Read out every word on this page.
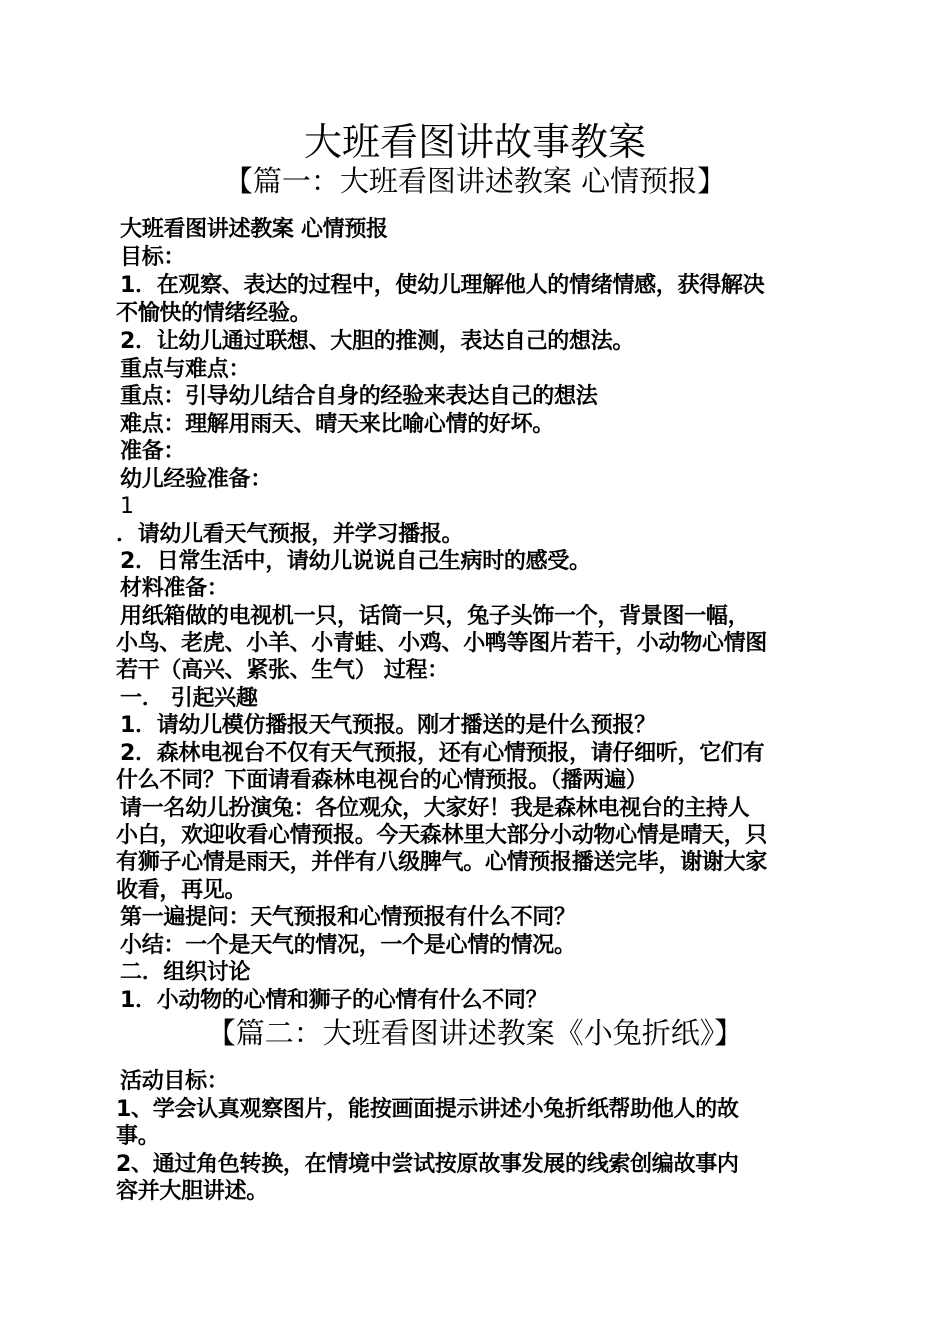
大班看图讲故事教案
【篇一：大班看图讲述教案 心情预报】
大班看图讲述教案 心情预报
目标：
1．在观察、表达的过程中，使幼儿理解他人的情绪情感，获得解决
不愉快的情绪经验。
2．让幼儿通过联想、大胆的推测，表达自己的想法。
重点与难点：
重点：引导幼儿结合自身的经验来表达自己的想法
难点：理解用雨天、晴天来比喻心情的好坏。
准备：
幼儿经验准备：
1
．请幼儿看天气预报，并学习播报。
2．日常生活中，请幼儿说说自己生病时的感受。
材料准备：
用纸箱做的电视机一只，话筒一只，兔子头饰一个，背景图一幅，
小鸟、老虎、小羊、小青蛙、小鸡、小鸭等图片若干，小动物心情图
若干（高兴、紧张、生气） 过程：
一． 引起兴趣
1．请幼儿模仿播报天气预报。刚才播送的是什么预报？
2．森林电视台不仅有天气预报，还有心情预报，请仔细听，它们有
什么不同？下面请看森林电视台的心情预报。（播两遍）
请一名幼儿扮演兔：各位观众，大家好！我是森林电视台的主持人
小白，欢迎收看心情预报。今天森林里大部分小动物心情是晴天，只
有狮子心情是雨天，并伴有八级脾气。心情预报播送完毕，谢谢大家
收看，再见。
第一遍提问：天气预报和心情预报有什么不同？
小结：一个是天气的情况，一个是心情的情况。
二．组织讨论
1．小动物的心情和狮子的心情有什么不同？
【篇二：大班看图讲述教案《小兔折纸》】
活动目标：
1、学会认真观察图片，能按画面提示讲述小兔折纸帮助他人的故
事。
2、通过角色转换，在情境中尝试按原故事发展的线索创编故事内
容并大胆讲述。
